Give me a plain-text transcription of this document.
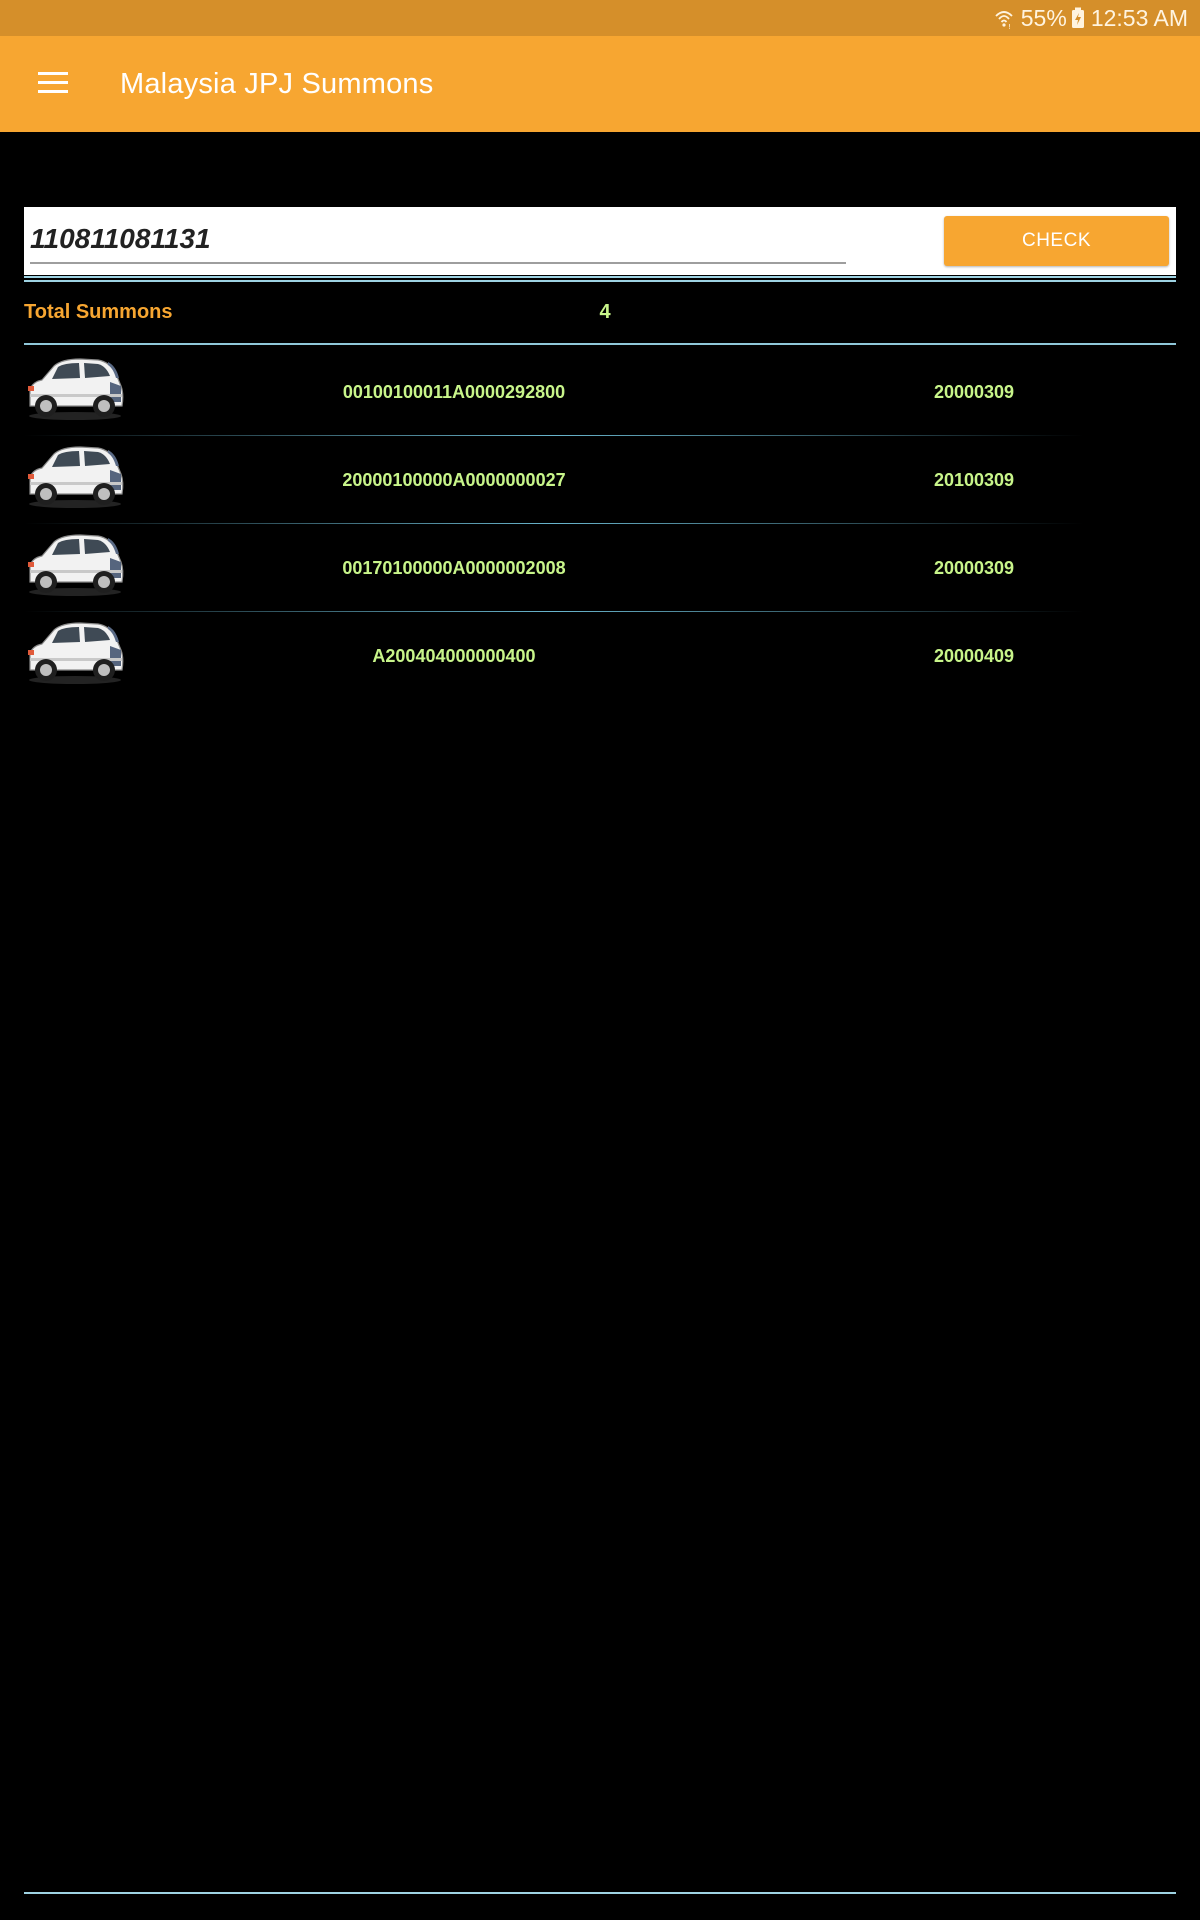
! 55% 12:53 AM
Malaysia JPJ Summons
110811081131
CHECK
Total Summons	4
00100100011A0000292800	20000309
20000100000A0000000027	20100309
00170100000A0000002008	20000309
A200404000000400	20000409
